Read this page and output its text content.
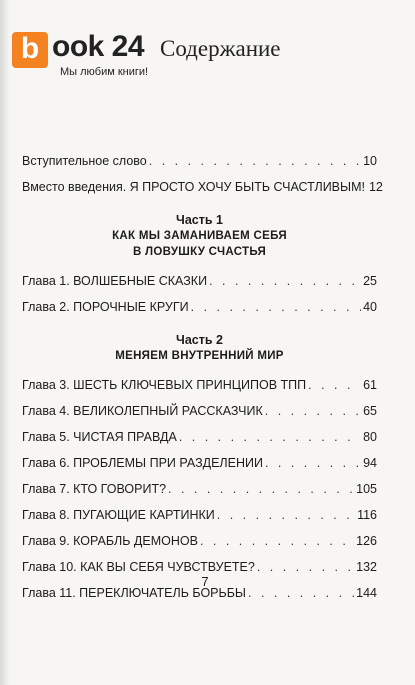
b ook 24 Содержание
Мы любим книги!
Вступительное слово . . .	10
Вместо введения. Я ПРОСТО ХОЧУ БЫТЬ СЧАСТЛИВЫМ! 12
Часть 1
КАК МЫ ЗАМАНИВАЕМ СЕБЯ
В ЛОВУШКУ СЧАСТЬЯ
Глава 1. ВОЛШЕБНЫЕ СКАЗКИ . . .	25
Глава 2. ПОРОЧНЫЕ КРУГИ . . .	40
Часть 2
МЕНЯЕМ ВНУТРЕННИЙ МИР
Глава 3. ШЕСТЬ КЛЮЧЕВЫХ ПРИНЦИПОВ ТПП . . .	61
Глава 4. ВЕЛИКОЛЕПНЫЙ РАССКАЗЧИК . . .	65
Глава 5. ЧИСТАЯ ПРАВДА . . .	80
Глава 6. ПРОБЛЕМЫ ПРИ РАЗДЕЛЕНИИ . . .	94
Глава 7. КТО ГОВОРИТ? . . .	105
Глава 8. ПУГАЮЩИЕ КАРТИНКИ . . .	116
Глава 9. КОРАБЛЬ ДЕМОНОВ . . .	126
Глава 10. КАК ВЫ СЕБЯ ЧУВСТВУЕТЕ? . . .	132
Глава 11. ПЕРЕКЛЮЧАТЕЛЬ БОРЬБЫ . . .	144
7
